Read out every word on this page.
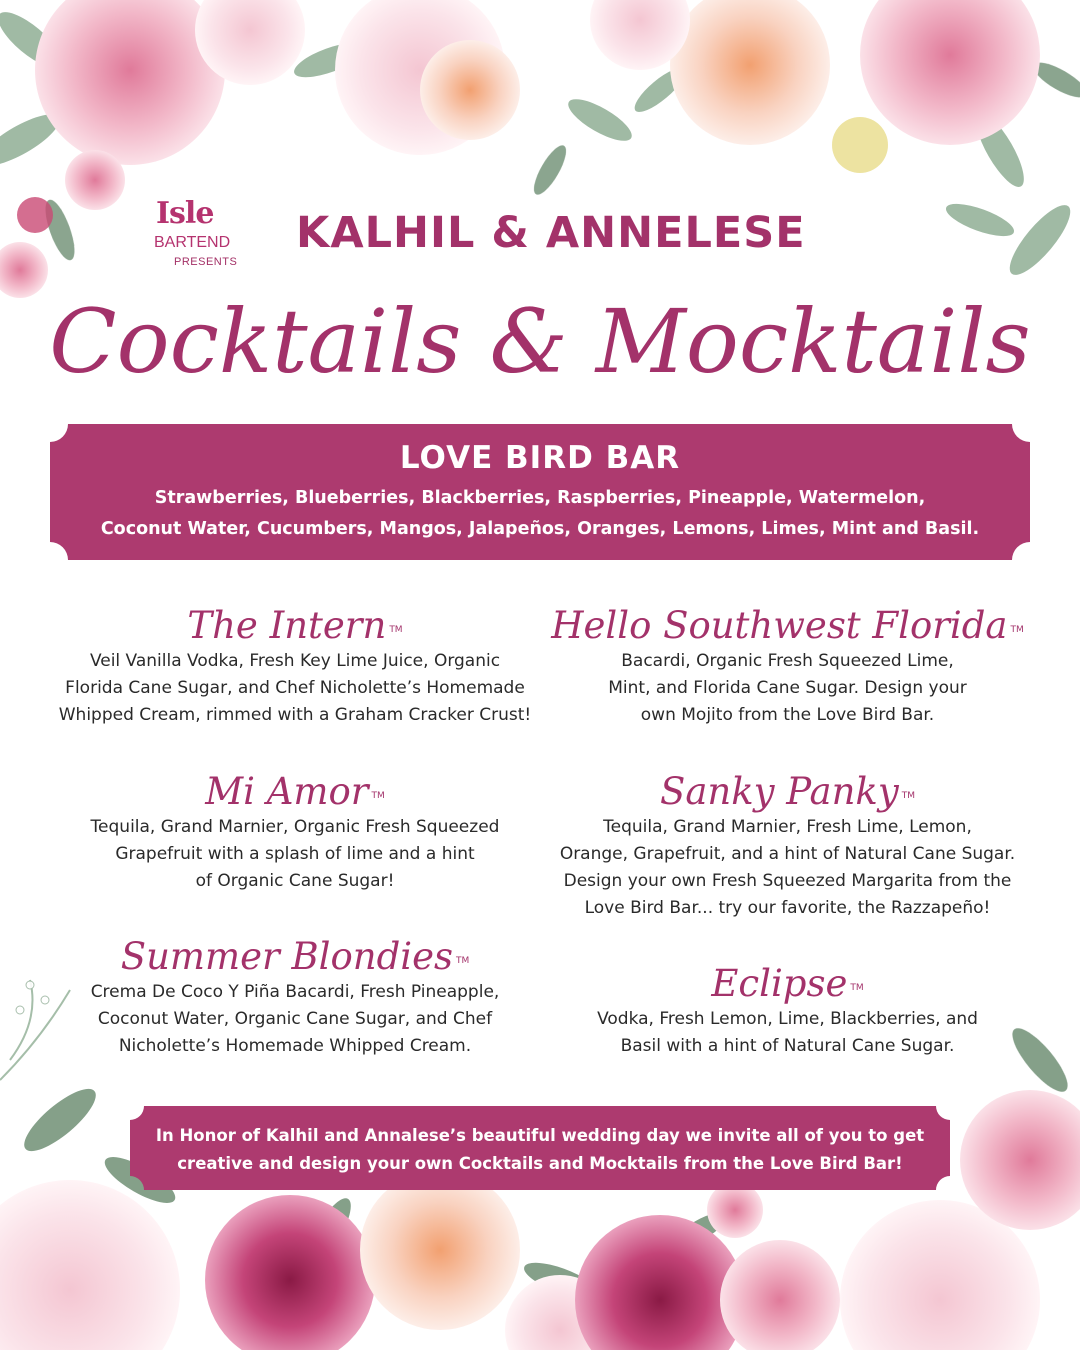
Isle
BARTEND
PRESENTS
KALHIL & ANNELESE
Cocktails & Mocktails
LOVE BIRD BAR
Strawberries, Blueberries, Blackberries, Raspberries, Pineapple, Watermelon,
Coconut Water, Cucumbers, Mangos, Jalapeños, Oranges, Lemons, Limes, Mint and Basil.
The Intern ™
Veil Vanilla Vodka, Fresh Key Lime Juice, Organic
Florida Cane Sugar, and Chef Nicholette’s Homemade
Whipped Cream, rimmed with a Graham Cracker Crust!
Hello Southwest Florida ™
Bacardi, Organic Fresh Squeezed Lime,
Mint, and Florida Cane Sugar. Design your
own Mojito from the Love Bird Bar.
Mi Amor ™
Tequila, Grand Marnier, Organic Fresh Squeezed
Grapefruit with a splash of lime and a hint
of Organic Cane Sugar!
Sanky Panky ™
Tequila, Grand Marnier, Fresh Lime, Lemon,
Orange, Grapefruit, and a hint of Natural Cane Sugar.
Design your own Fresh Squeezed Margarita from the
Love Bird Bar... try our favorite, the Razzapeño!
Summer Blondies ™
Crema De Coco Y Piña Bacardi, Fresh Pineapple,
Coconut Water, Organic Cane Sugar, and Chef
Nicholette’s Homemade Whipped Cream.
Eclipse ™
Vodka, Fresh Lemon, Lime, Blackberries, and
Basil with a hint of Natural Cane Sugar.
In Honor of Kalhil and Annalese’s beautiful wedding day we invite all of you to get
creative and design your own Cocktails and Mocktails from the Love Bird Bar!
